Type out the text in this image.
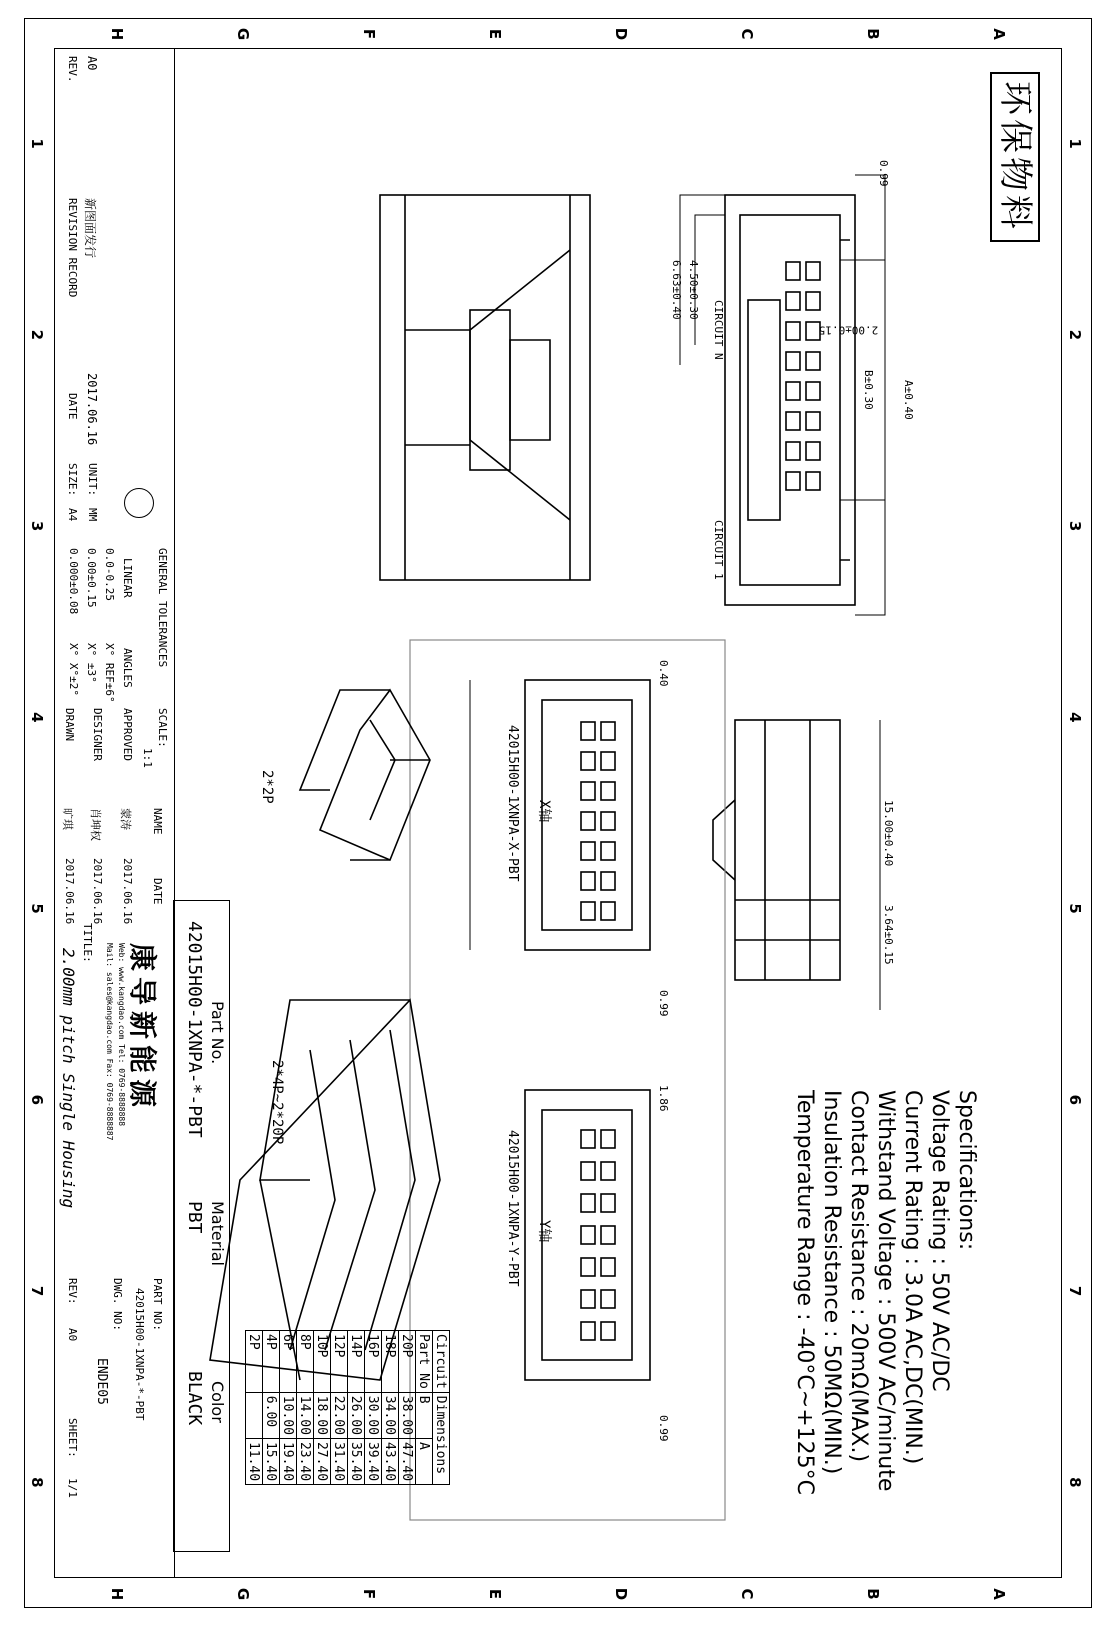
1
1
2
2
3
3
4
4
5
5
6
6
7
7
8
8
A
A
B
B
C
C
D
D
E
E
F
F
G
G
H
H
环保物料
0.99
2.00±0.15
B±0.30 A±0.40
4.50±0.30
6.63±0.40
CIRCUIT N
CIRCUIT 1
15.00±0.40
3.64±0.15
X轴
42015H00-1XNPA-X-PBT
0.40
0.99
Y轴
42015H00-1XNPA-Y-PBT
1.86
0.99
2*2P
2*4P~2*20P	Specifications:
Voltage Rating : 50V AC/DC
Current Rating : 3.0A AC,DC(MIN.)
Withstand Voltage : 500V AC/minute
Contact Resistance : 20mΩ(MAX.)
Insulation Resistance : 50MΩ(MIN.)
Temperature Range : -40°C~+125°C
Circuit	Dimensions	
Part No	B	A
20P	38.00	47.40
18P	34.00	43.40
16P	30.00	39.40
14P	26.00	35.40
12P	22.00	31.40
10P	18.00	27.40
8P	14.00	23.40
6P	10.00	19.40
4P	6.00	15.40
2P		11.40
Part No.
42015H00-1XNPA-*-PBT
Material
PBT
Color
BLACK
REV. A0
REVISION RECORD 新图面发行
DATE 2017.06.16
SIZE:
A4
UNIT:
MM
GENERAL TOLERANCES
LINEAR
ANGLES
0.0-0.25
0.00±0.15
0.000±0.08
X° REF±6°
X° ±3°
X° X°±2°
SCALE:
1:1
NAME
DATE
APPROVED
蒙涛
2017.06.16
DESIGNER
肖坤权
2017.06.16
DRAWN
旷琪
2017.06.16
康导新能源
Web: www.kangdao.com Tel: 0769-8888888
Mail: sales@kangdao.com Fax: 0769-8888887
TITLE:
2.00mm pitch Single Housing
PART NO:
42015H00-1XNPA-*-PBT
DWG. NO:
ENDE05
REV:
A0
SHEET:
1/1
